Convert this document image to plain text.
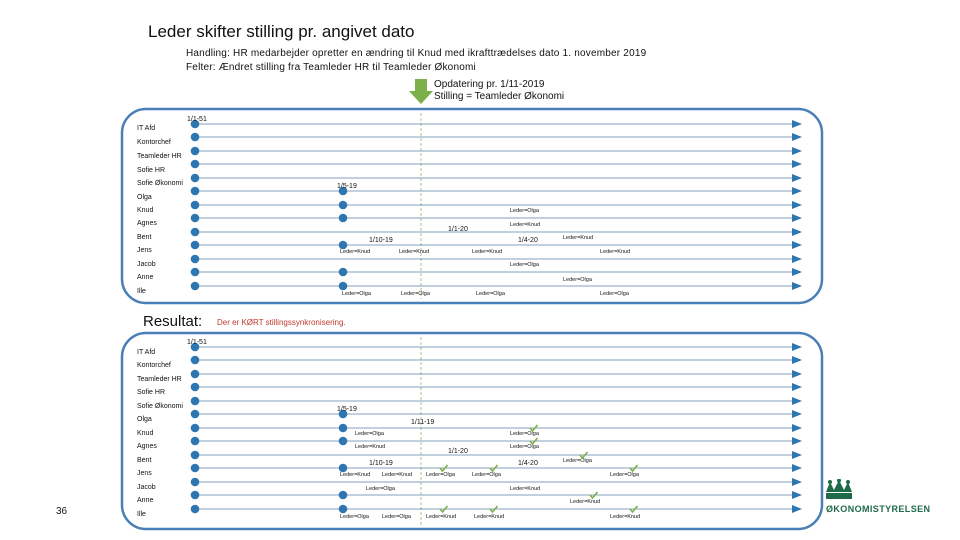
Leder skifter stilling pr. angivet dato
Handling: HR medarbejder opretter en ændring til Knud med ikrafttrædelses dato 1. november 2019
Felter: Ændret stilling fra Teamleder HR til Teamleder Økonomi
Opdatering pr. 1/11-2019
Stilling = Teamleder Økonomi
IT Afd
Kontorchef
Teamleder HR
Sofie HR
Sofie Økonomi
Olga
Knud
Agnes
Bent
Jens
Jacob
Anne
Ille
1/1-51
1/5-19
1/1-20
1/10-19	1/4-20
Leder=Olga
Leder=Knud
Leder=Knud
Leder=Knud	Leder=Knud	Leder=Knud	Leder=Knud
Leder=Olga
Leder=Olga
Leder=Olga	Leder=Olga	Leder=Olga	Leder=Olga
IT Afd
Kontorchef
Teamleder HR
Sofie HR
Sofie Økonomi
Olga
Knud
Agnes
Bent
Jens
Jacob
Anne
Ille
1/1-51
1/5-19
1/11-19
1/1-20
1/10-19	1/4-20
Leder=Olga	Leder=Olga
Leder=Knud	Leder=Olga
Leder=Olga
Leder=Knud Leder=Knud	Leder=Olga	Leder=Olga	Leder=Olga
Leder=Olga	Leder=Knud
Leder=Knud
Leder=Olga Leder=Olga	Leder=Knud	Leder=Knud	Leder=Knud
Resultat: Der er KØRT stillingssynkronisering.
36	ØKONOMISTYRELSEN
